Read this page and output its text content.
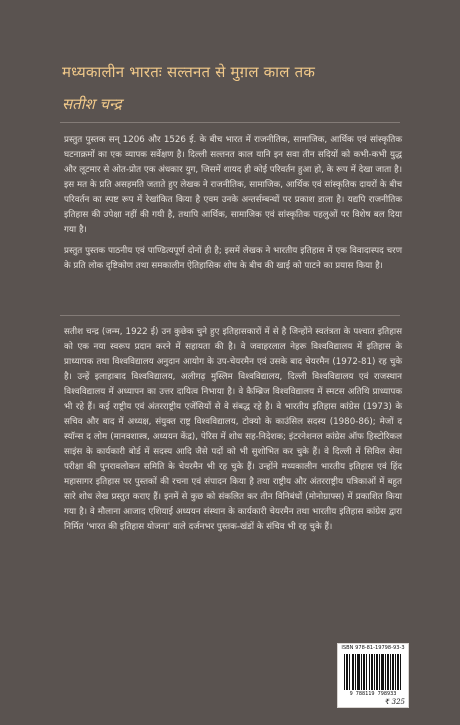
मध्यकालीन भारतः सल्तनत से मुग़ल काल तक
सतीश चन्द्र

प्रस्तुत पुस्तक सन् 1206 और 1526 ई. के बीच भारत में राजनीतिक, सामाजिक, आर्थिक एवं सांस्कृतिक घटनाक्रमों का एक व्यापक सर्वेक्षण है। दिल्ली सल्तनत काल यानि इन सवा तीन सदियों को कभी-कभी युद्ध और लूटमार से ओत-प्रोत एक अंधकार युग, जिसमें शायद ही कोई परिवर्तन हुआ हो, के रूप में देखा जाता है। इस मत के प्रति असहमति जताते हुए लेखक ने राजनीतिक, सामाजिक, आर्थिक एवं सांस्कृतिक दायरों के बीच परिवर्तन का स्पष्ट रूप में रेखांकित किया है एवम उनके अन्तर्सम्बन्धों पर प्रकाश डाला है। यद्यपि राजनीतिक इतिहास की उपेक्षा नहीं की गयी है, तथापि आर्थिक, सामाजिक एवं सांस्कृतिक पहलुओं पर विशेष बल दिया गया है।

प्रस्तुत पुस्तक पाठनीय एवं पाण्डित्यपूर्ण दोनों ही है; इसमें लेखक ने भारतीय इतिहास में एक विवादास्पद चरण के प्रति लोक दृष्टिकोण तथा समकालीन ऐतिहासिक शोध के बीच की खाई को पाटने का प्रयास किया है।

सतीश चन्द्र (जन्म, 1922 ई) उन कुछेक चुने हुए इतिहासकारों में से है जिन्होंने स्वतंत्रता के पश्चात इतिहास को एक नया स्वरूप प्रदान करने में सहायता की है। वे जवाहरलाल नेहरू विश्वविद्यालय में इतिहास के प्राध्यापक तथा विश्वविद्यालय अनुदान आयोग के उप-चेयरमैन एवं उसके बाद चेयरमैन (1972-81) रह चुके है। उन्हें इलाहाबाद विश्वविद्यालय, अलीगढ़ मुस्लिम विश्वविद्यालय, दिल्ली विश्वविद्यालय एवं राजस्थान विश्वविद्यालय में अध्यापन का उत्तर दायित्व निभाया है। वे कैम्ब्रिज विश्वविद्यालय में स्मटस अतिथि प्राध्यापक भी रहे हैं। कई राष्ट्रीय एवं अंतरराष्ट्रीय एजेंसियों से वे संबद्ध रहे है। वे भारतीय इतिहास कांग्रेस (1973) के सचिव और बाद में अध्यक्ष, संयुक्त राष्ट्र विश्वविद्यालय, टोक्यो के काउंसिल सदस्य (1980-86); मेजों द स्यॉन्स द लोम (मानवशास्त्र, अध्ययन केंद्र), पेरिस में शोध सह-निदेशक; इंटरनेशनल कांग्रेस ऑफ हिस्टोरिकल साइंस के कार्यकारी बोर्ड में सदस्य आदि जैसे पदों को भी सुशोभित कर चुके हैं। वे दिल्ली में सिविल सेवा परीक्षा की पुनरावलोकन समिति के चेयरमैन भी रह चुके हैं। उन्होंने मध्यकालीन भारतीय इतिहास एवं हिंद महासागर इतिहास पर पुस्तकों की रचना एवं संपादन किया है तथा राष्ट्रीय और अंतरराष्ट्रीय पत्रिकाओं में बहुत सारे शोध लेख प्रस्तुत कराए हैं। इनमें से कुछ को संकलित कर तीन विनिबंधों (मोनोग्राफ्स) में प्रकाशित किया गया है। वे मौलाना आजाद एशियाई अध्ययन संस्थान के कार्यकारी चेयरमैन तथा भारतीय इतिहास कांग्रेस द्वारा निर्मित 'भारत की इतिहास योजना' वाले दर्जनभर पुस्तक-खंडों के संचिव भी रह चुके हैं।

ISBN 978-81-19798-93-3
9 788119 798933
₹ 325
